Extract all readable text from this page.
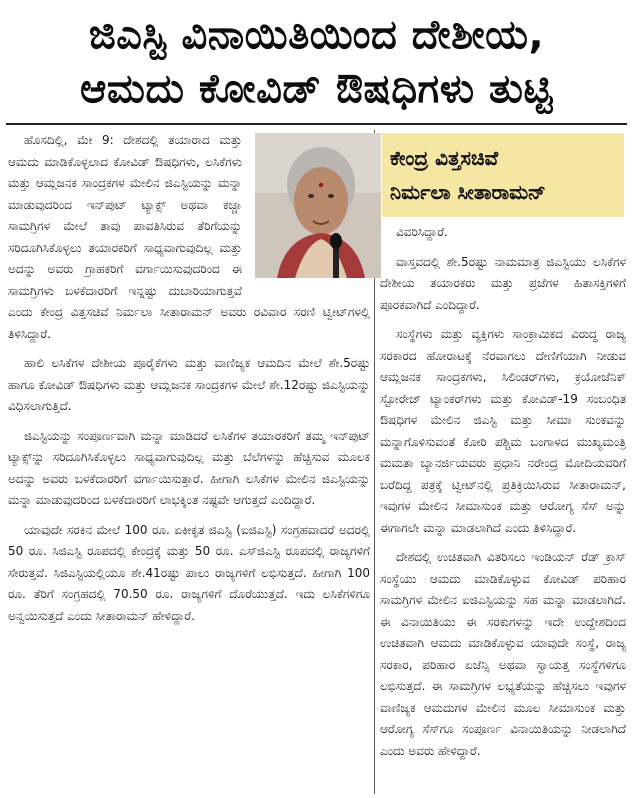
ಜಿಎಸ್ಟಿ ವಿನಾಯಿತಿಯಿಂದ ದೇಶೀಯ,
ಆಮದು ಕೋವಿಡ್ ಔಷಧಿಗಳು ತುಟ್ಟಿ

ಹೊಸದಿಲ್ಲಿ, ಮೇ 9: ದೇಶದಲ್ಲಿ ತಯಾರಾದ ಮತ್ತು ಆಮದು ಮಾಡಿಕೊಳ್ಳಲಾದ ಕೋವಿಡ್ ಔಷಧಿಗಳು, ಲಸಿಕೆಗಳು ಮತ್ತು ಆಮ್ಲಜನಕ ಸಾಂದ್ರಕಗಳ ಮೇಲಿನ ಜಿಎಸ್ಟಿಯನ್ನು ಮನ್ನಾ ಮಾಡುವುದರಿಂದ ಇನ್‌ಪುಟ್ ಟ್ಯಾಕ್ಸ್ ಅಥವಾ ಕಚ್ಚಾ ಸಾಮಗ್ರಿಗಳ ಮೇಲೆ ತಾವು ಪಾವತಿಸಿರುವ ತೆರಿಗೆಯನ್ನು ಸರಿದೂಗಿಸಿಕೊಳ್ಳಲು ತಯಾರಕರಿಗೆ ಸಾಧ್ಯವಾಗುವುದಿಲ್ಲ ಮತ್ತು ಅದನ್ನು ಅವರು ಗ್ರಾಹಕರಿಗೆ ವರ್ಗಾಯಿಸುವುದರಿಂದ ಈ ಸಾಮಗ್ರಿಗಳು ಬಳಕೆದಾರರಿಗೆ ಇನ್ನಷ್ಟು ದುಬಾರಿಯಾಗುತ್ತವೆ ಎಂದು ಕೇಂದ್ರ ವಿತ್ತಸಚಿವೆ ನಿರ್ಮಲಾ ಸೀತಾರಾಮನ್ ಅವರು ರವಿವಾರ ಸರಣಿ ಟ್ವೀಟ್‌ಗಳಲ್ಲಿ ತಿಳಿಸಿದ್ದಾರೆ.

ಹಾಲಿ ಲಸಿಕೆಗಳ ದೇಶೀಯ ಪೂರೈಕೆಗಳು ಮತ್ತು ವಾಣಿಜ್ಯಕ ಆಮದಿನ ಮೇಲೆ ಶೇ.5ರಷ್ಟು ಹಾಗೂ ಕೋವಿಡ್ ಔಷಧಿಗಳು ಮತ್ತು ಆಮ್ಲಜನಕ ಸಾಂದ್ರಕಗಳ ಮೇಲೆ ಶೇ.12ರಷ್ಟು ಜಿಎಸ್ಟಿಯನ್ನು ವಿಧಿಸಲಾಗುತ್ತಿದೆ.

ಜಿಎಸ್ಟಿಯನ್ನು ಸಂಪೂರ್ಣವಾಗಿ ಮನ್ನಾ ಮಾಡಿದರೆ ಲಸಿಕೆಗಳ ತಯಾರಕರಿಗೆ ತಮ್ಮ ಇನ್‌ಪುಟ್ ಟ್ಯಾಕ್ಸ್‌ನ್ನು ಸರಿದೂಗಿಸಿಕೊಳ್ಳಲು ಸಾಧ್ಯವಾಗುವುದಿಲ್ಲ ಮತ್ತು ಬೆಲೆಗಳನ್ನು ಹೆಚ್ಚಿಸುವ ಮೂಲಕ ಅದನ್ನು ಅವರು ಬಳಕೆದಾರರಿಗೆ ವರ್ಗಾಯಿಸುತ್ತಾರೆ. ಹೀಗಾಗಿ ಲಸಿಕೆಗಳ ಮೇಲಿನ ಜಿಎಸ್ಟಿಯನ್ನು ಮನ್ನಾ ಮಾಡುವುದರಿಂದ ಬಳಕೆದಾರರಿಗೆ ಲಾಭಕ್ಕಿಂತ ನಷ್ಟವೇ ಆಗುತ್ತದೆ ಎಂದಿದ್ದಾರೆ.

ಯಾವುದೇ ಸರಕಿನ ಮೇಲೆ 100 ರೂ. ಏಕೀಕೃತ ಜಿಎಸ್ಟಿ (ಐಜಿಎಸ್ಟಿ) ಸಂಗ್ರಹವಾದರೆ ಅದರಲ್ಲಿ 50 ರೂ. ಸಿಜಿಎಸ್ಟಿ ರೂಪದಲ್ಲಿ ಕೇಂದ್ರಕ್ಕೆ ಮತ್ತು 50 ರೂ. ಎಸ್‌ಜಿಎಸ್ಟಿ ರೂಪದಲ್ಲಿ ರಾಜ್ಯಗಳಿಗೆ ಸೇರುತ್ತವೆ. ಸಿಜಿಎಸ್ಟಿಯಲ್ಲಿಯೂ ಶೇ.41ರಷ್ಟು ಪಾಲು ರಾಜ್ಯಗಳಿಗೆ ಲಭಿಸುತ್ತದೆ. ಹೀಗಾಗಿ 100 ರೂ. ತೆರಿಗೆ ಸಂಗ್ರಹದಲ್ಲಿ 70.50 ರೂ. ರಾಜ್ಯಗಳಿಗೆ ದೊರೆಯುತ್ತದೆ. ಇದು ಲಸಿಕೆಗಳಿಗೂ ಅನ್ವಯಿಸುತ್ತದೆ ಎಂದು ಸೀತಾರಾಮನ್ ಹೇಳಿದ್ದಾರೆ.

ಕೇಂದ್ರ ವಿತ್ತಸಚಿವೆ
ನಿರ್ಮಲಾ ಸೀತಾರಾಮನ್

ವಿವರಿಸಿದ್ದಾರೆ.

ವಾಸ್ತವದಲ್ಲಿ ಶೇ.5ರಷ್ಟು ನಾಮಮಾತ್ರ ಜಿಎಸ್ಟಿಯು ಲಸಿಕೆಗಳ ದೇಶೀಯ ತಯಾರಕರು ಮತ್ತು ಪ್ರಜೆಗಳ ಹಿತಾಸಕ್ತಿಗಳಿಗೆ ಪೂರಕವಾಗಿದೆ ಎಂದಿದ್ದಾರೆ.

ಸಂಸ್ಥೆಗಳು ಮತ್ತು ವ್ಯಕ್ತಿಗಳು ಸಾಂಕ್ರಾಮಿಕದ ವಿರುದ್ಧ ರಾಜ್ಯ ಸರಕಾರದ ಹೋರಾಟಕ್ಕೆ ನೆರವಾಗಲು ದೇಣಿಗೆಯಾಗಿ ನೀಡುವ ಆಮ್ಲಜನಕ ಸಾಂದ್ರಕಗಳು, ಸಿಲಿಂಡರ್‌ಗಳು, ಕ್ರಯೋಜೆನಿಕ್ ಸ್ಟೋರೇಜ್ ಟ್ಯಾಂಕರ್‌ಗಳು ಮತ್ತು ಕೋವಿಡ್-19 ಸಂಬಂಧಿತ ಔಷಧಿಗಳ ಮೇಲಿನ ಜಿಎಸ್ಟಿ ಮತ್ತು ಸೀಮಾ ಸುಂಕವನ್ನು ಮನ್ನಾಗೊಳಿಸುವಂತೆ ಕೋರಿ ಪಶ್ಚಿಮ ಬಂಗಾಳದ ಮುಖ್ಯಮಂತ್ರಿ ಮಮತಾ ಬ್ಯಾನರ್ಜಿಯವರು ಪ್ರಧಾನಿ ನರೇಂದ್ರ ಮೋದಿಯವರಿಗೆ ಬರೆದಿದ್ದ ಪತ್ರಕ್ಕೆ ಟ್ವೀಟ್‌ನಲ್ಲಿ ಪ್ರತಿಕ್ರಿಯಿಸಿರುವ ಸೀತಾರಾಮನ್, ಇವುಗಳ ಮೇಲಿನ ಸೀಮಾಸುಂಕ ಮತ್ತು ಆರೋಗ್ಯ ಸೆಸ್ ಅನ್ನು ಈಗಾಗಲೇ ಮನ್ನಾ ಮಾಡಲಾಗಿದೆ ಎಂದು ತಿಳಿಸಿದ್ದಾರೆ.

ದೇಶದಲ್ಲಿ ಉಚಿತವಾಗಿ ವಿತರಿಸಲು ಇಂಡಿಯನ್ ರೆಡ್ ಕ್ರಾಸ್ ಸಂಸ್ಥೆಯು ಆಮದು ಮಾಡಿಕೊಳ್ಳುವ ಕೋವಿಡ್ ಪರಿಹಾರ ಸಾಮಗ್ರಿಗಳ ಮೇಲಿನ ಐಜಿಎಸ್ಟಿಯನ್ನು ಸಹ ಮನ್ನಾ ಮಾಡಲಾಗಿದೆ. ಈ ವಿನಾಯಿತಿಯು ಈ ಸರಕುಗಳನ್ನು ಇದೇ ಉದ್ದೇಶದಿಂದ ಉಚಿತವಾಗಿ ಆಮದು ಮಾಡಿಕೊಳ್ಳುವ ಯಾವುದೇ ಸಂಸ್ಥೆ, ರಾಜ್ಯ ಸರಕಾರ, ಪರಿಹಾರ ಏಜೆನ್ಸಿ ಅಥವಾ ಸ್ವಾಯತ್ತ ಸಂಸ್ಥೆಗಳಿಗೂ ಲಭಿಸುತ್ತದೆ. ಈ ಸಾಮಗ್ರಿಗಳ ಲಭ್ಯತೆಯನ್ನು ಹೆಚ್ಚಿಸಲು ಇವುಗಳ ವಾಣಿಜ್ಯಕ ಆಮದುಗಳ ಮೇಲಿನ ಮೂಲ ಸೀಮಾಸುಂಕ ಮತ್ತು ಆರೋಗ್ಯ ಸೆಸ್‌ಗೂ ಸಂಪೂರ್ಣ ವಿನಾಯಿತಿಯನ್ನು ನೀಡಲಾಗಿದೆ ಎಂದು ಅವರು ಹೇಳಿದ್ದಾರೆ.
